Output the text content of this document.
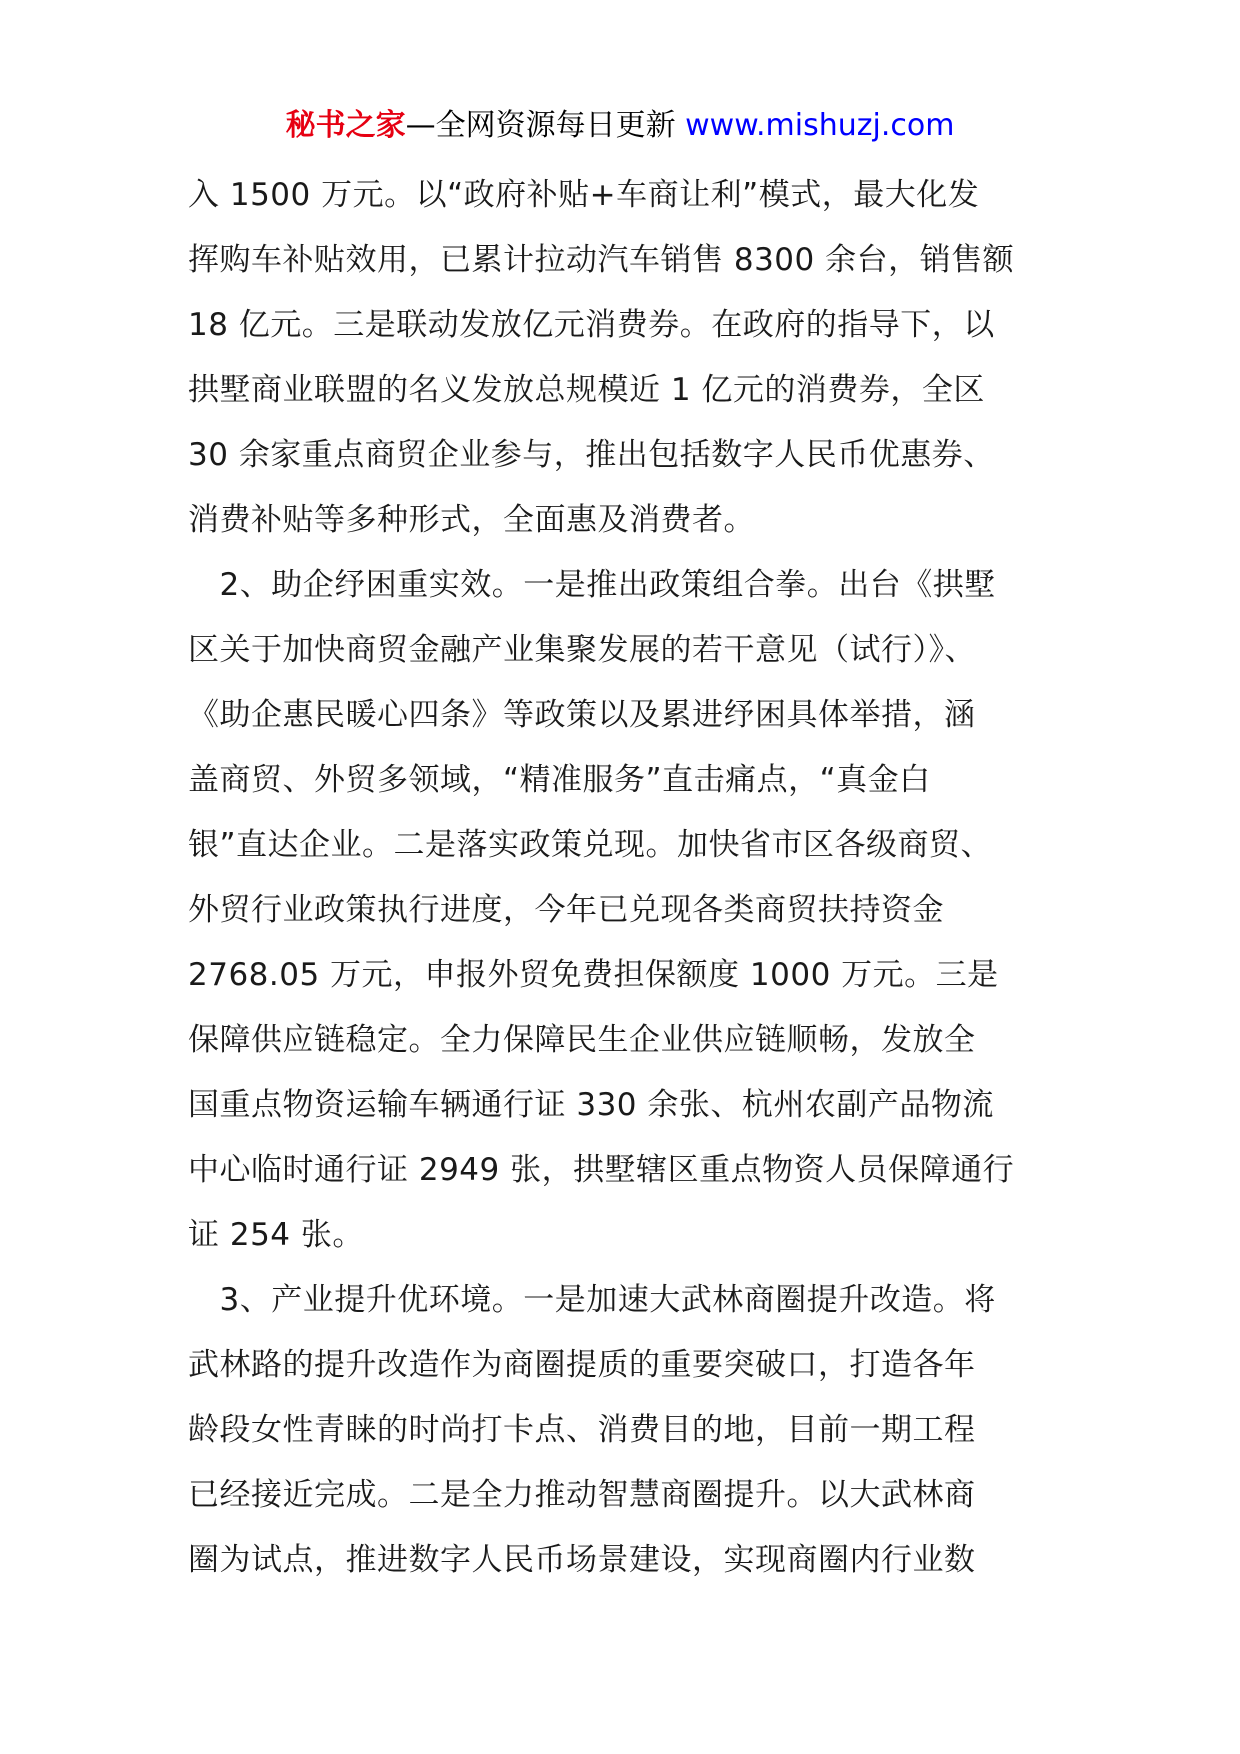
秘书之家—全网资源每日更新 www.mishuzj.com
入 1500 万元。以“政府补贴+车商让利”模式，最大化发
挥购车补贴效用，已累计拉动汽车销售 8300 余台，销售额
18 亿元。三是联动发放亿元消费券。在政府的指导下，以
拱墅商业联盟的名义发放总规模近 1 亿元的消费券，全区
30 余家重点商贸企业参与，推出包括数字人民币优惠券、
消费补贴等多种形式，全面惠及消费者。
　2、助企纾困重实效。一是推出政策组合拳。出台《拱墅
区关于加快商贸金融产业集聚发展的若干意见（试行）》、
《助企惠民暖心四条》等政策以及累进纾困具体举措，涵
盖商贸、外贸多领域，“精准服务”直击痛点，“真金白
银”直达企业。二是落实政策兑现。加快省市区各级商贸、
外贸行业政策执行进度，今年已兑现各类商贸扶持资金
2768.05 万元，申报外贸免费担保额度 1000 万元。三是
保障供应链稳定。全力保障民生企业供应链顺畅，发放全
国重点物资运输车辆通行证 330 余张、杭州农副产品物流
中心临时通行证 2949 张，拱墅辖区重点物资人员保障通行
证 254 张。
　3、产业提升优环境。一是加速大武林商圈提升改造。将
武林路的提升改造作为商圈提质的重要突破口，打造各年
龄段女性青睐的时尚打卡点、消费目的地，目前一期工程
已经接近完成。二是全力推动智慧商圈提升。以大武林商
圈为试点，推进数字人民币场景建设，实现商圈内行业数
